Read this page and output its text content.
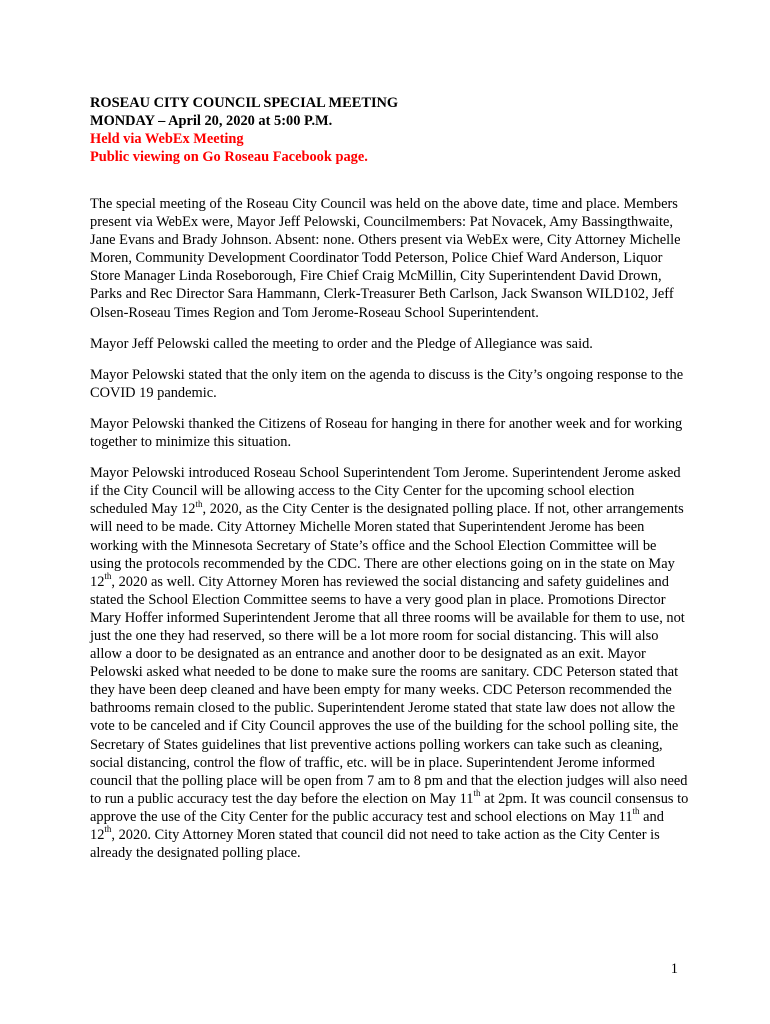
ROSEAU CITY COUNCIL SPECIAL MEETING
MONDAY – April 20, 2020 at 5:00 P.M.
Held via WebEx Meeting
Public viewing on Go Roseau Facebook page.

The special meeting of the Roseau City Council was held on the above date, time and place. Members present via WebEx were, Mayor Jeff Pelowski, Councilmembers: Pat Novacek, Amy Bassingthwaite, Jane Evans and Brady Johnson. Absent: none. Others present via WebEx were, City Attorney Michelle Moren, Community Development Coordinator Todd Peterson, Police Chief Ward Anderson, Liquor Store Manager Linda Roseborough, Fire Chief Craig McMillin, City Superintendent David Drown, Parks and Rec Director Sara Hammann, Clerk-Treasurer Beth Carlson, Jack Swanson WILD102, Jeff Olsen-Roseau Times Region and Tom Jerome-Roseau School Superintendent.

Mayor Jeff Pelowski called the meeting to order and the Pledge of Allegiance was said.

Mayor Pelowski stated that the only item on the agenda to discuss is the City’s ongoing response to the COVID 19 pandemic.

Mayor Pelowski thanked the Citizens of Roseau for hanging in there for another week and for working together to minimize this situation.

Mayor Pelowski introduced Roseau School Superintendent Tom Jerome. Superintendent Jerome asked if the City Council will be allowing access to the City Center for the upcoming school election scheduled May 12th, 2020, as the City Center is the designated polling place. If not, other arrangements will need to be made. City Attorney Michelle Moren stated that Superintendent Jerome has been working with the Minnesota Secretary of State’s office and the School Election Committee will be using the protocols recommended by the CDC. There are other elections going on in the state on May 12th, 2020 as well. City Attorney Moren has reviewed the social distancing and safety guidelines and stated the School Election Committee seems to have a very good plan in place. Promotions Director Mary Hoffer informed Superintendent Jerome that all three rooms will be available for them to use, not just the one they had reserved, so there will be a lot more room for social distancing. This will also allow a door to be designated as an entrance and another door to be designated as an exit. Mayor Pelowski asked what needed to be done to make sure the rooms are sanitary. CDC Peterson stated that they have been deep cleaned and have been empty for many weeks. CDC Peterson recommended the bathrooms remain closed to the public. Superintendent Jerome stated that state law does not allow the vote to be canceled and if City Council approves the use of the building for the school polling site, the Secretary of States guidelines that list preventive actions polling workers can take such as cleaning, social distancing, control the flow of traffic, etc. will be in place. Superintendent Jerome informed council that the polling place will be open from 7 am to 8 pm and that the election judges will also need to run a public accuracy test the day before the election on May 11th at 2pm. It was council consensus to approve the use of the City Center for the public accuracy test and school elections on May 11th and 12th, 2020. City Attorney Moren stated that council did not need to take action as the City Center is already the designated polling place.

1
